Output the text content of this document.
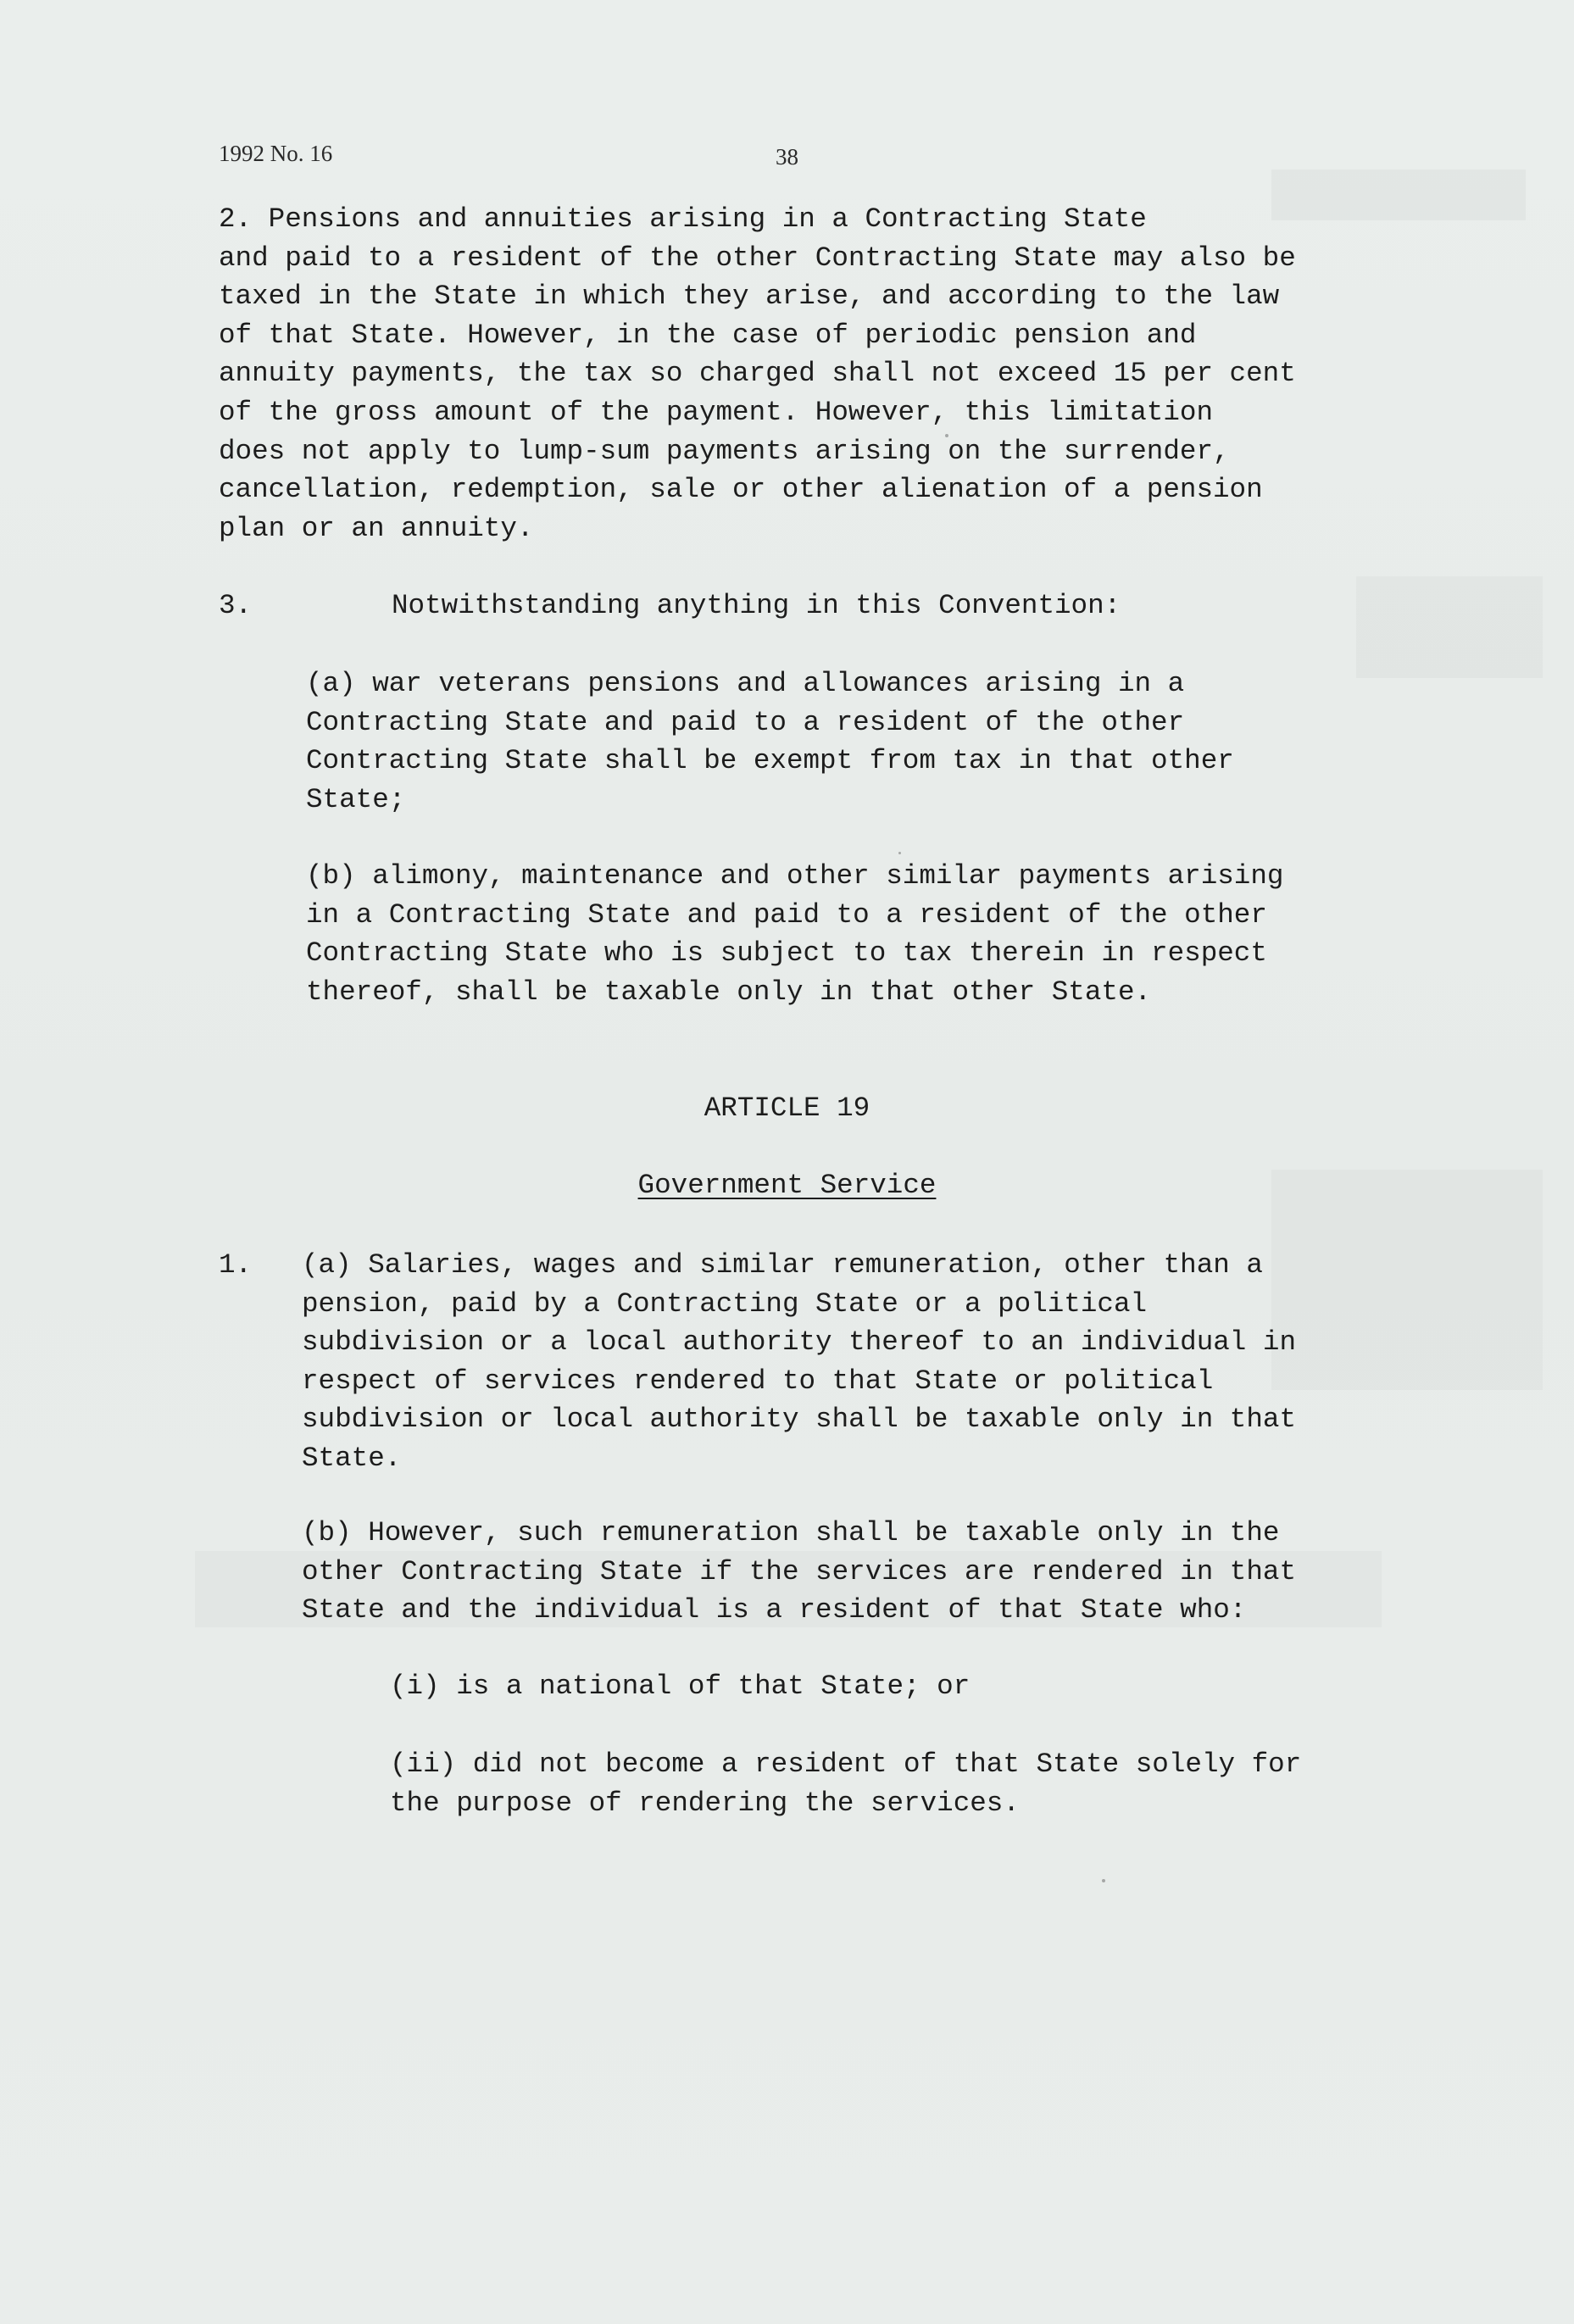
1992 No. 16	38
2. Pensions and annuities arising in a Contracting State
and paid to a resident of the other Contracting State may also be
taxed in the State in which they arise, and according to the law
of that State. However, in the case of periodic pension and
annuity payments, the tax so charged shall not exceed 15 per cent
of the gross amount of the payment. However, this limitation
does not apply to lump-sum payments arising on the surrender,
cancellation, redemption, sale or other alienation of a pension
plan or an annuity.
3.	Notwithstanding anything in this Convention:
(a) war veterans pensions and allowances arising in a
Contracting State and paid to a resident of the other
Contracting State shall be exempt from tax in that other
State;
(b) alimony, maintenance and other similar payments arising
in a Contracting State and paid to a resident of the other
Contracting State who is subject to tax therein in respect
thereof, shall be taxable only in that other State.
ARTICLE 19
Government Service
1. (a) Salaries, wages and similar remuneration, other than a
pension, paid by a Contracting State or a political
subdivision or a local authority thereof to an individual in
respect of services rendered to that State or political
subdivision or local authority shall be taxable only in that
State.
(b) However, such remuneration shall be taxable only in the
other Contracting State if the services are rendered in that
State and the individual is a resident of that State who:
(i) is a national of that State; or
(ii) did not become a resident of that State solely for
the purpose of rendering the services.
